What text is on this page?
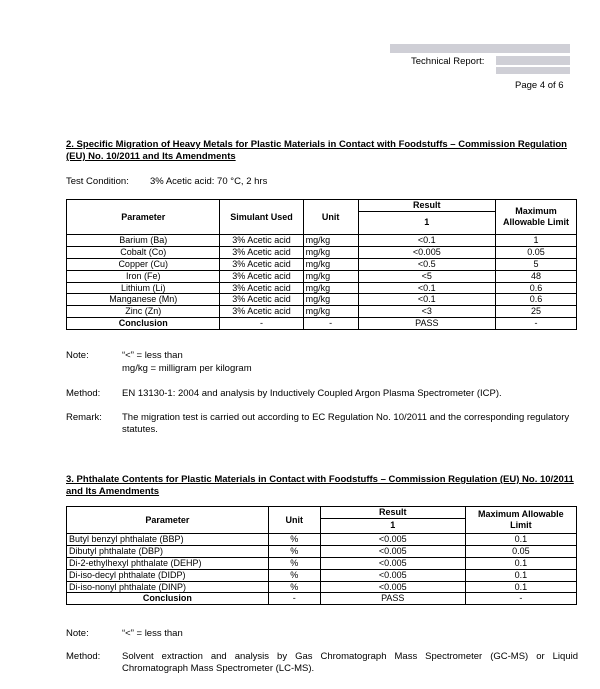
Technical Report:
Page 4 of 6
2. Specific Migration of Heavy Metals for Plastic Materials in Contact with Foodstuffs – Commission Regulation (EU) No. 10/2011 and Its Amendments
Test Condition: 3% Acetic acid: 70 °C, 2 hrs
Parameter	Simulant Used	Unit	Result	Maximum Allowable Limit
			1	
Barium (Ba)	3% Acetic acid	mg/kg	<0.1	1
Cobalt (Co)	3% Acetic acid	mg/kg	<0.005	0.05
Copper (Cu)	3% Acetic acid	mg/kg	<0.5	5
Iron (Fe)	3% Acetic acid	mg/kg	<5	48
Lithium (Li)	3% Acetic acid	mg/kg	<0.1	0.6
Manganese (Mn)	3% Acetic acid	mg/kg	<0.1	0.6
Zinc (Zn)	3% Acetic acid	mg/kg	<3	25
Conclusion	-	-	PASS	-
Note:	“<” = less than
mg/kg = milligram per kilogram
Method: EN 13130-1: 2004 and analysis by Inductively Coupled Argon Plasma Spectrometer (ICP).
Remark: The migration test is carried out according to EC Regulation No. 10/2011 and the corresponding regulatory statutes.
3. Phthalate Contents for Plastic Materials in Contact with Foodstuffs – Commission Regulation (EU) No. 10/2011 and Its Amendments
Parameter	Unit	Result	Maximum Allowable Limit
		1	
Butyl benzyl phthalate (BBP)	%	<0.005	0.1
Dibutyl phthalate (DBP)	%	<0.005	0.05
Di-2-ethylhexyl phthalate (DEHP)	%	<0.005	0.1
Di-iso-decyl phthalate (DIDP)	%	<0.005	0.1
Di-iso-nonyl phthalate (DINP)	%	<0.005	0.1
Conclusion	-	PASS	-
Note:	“<” = less than
Method: Solvent extraction and analysis by Gas Chromatograph Mass Spectrometer (GC-MS) or Liquid Chromatograph Mass Spectrometer (LC-MS).
